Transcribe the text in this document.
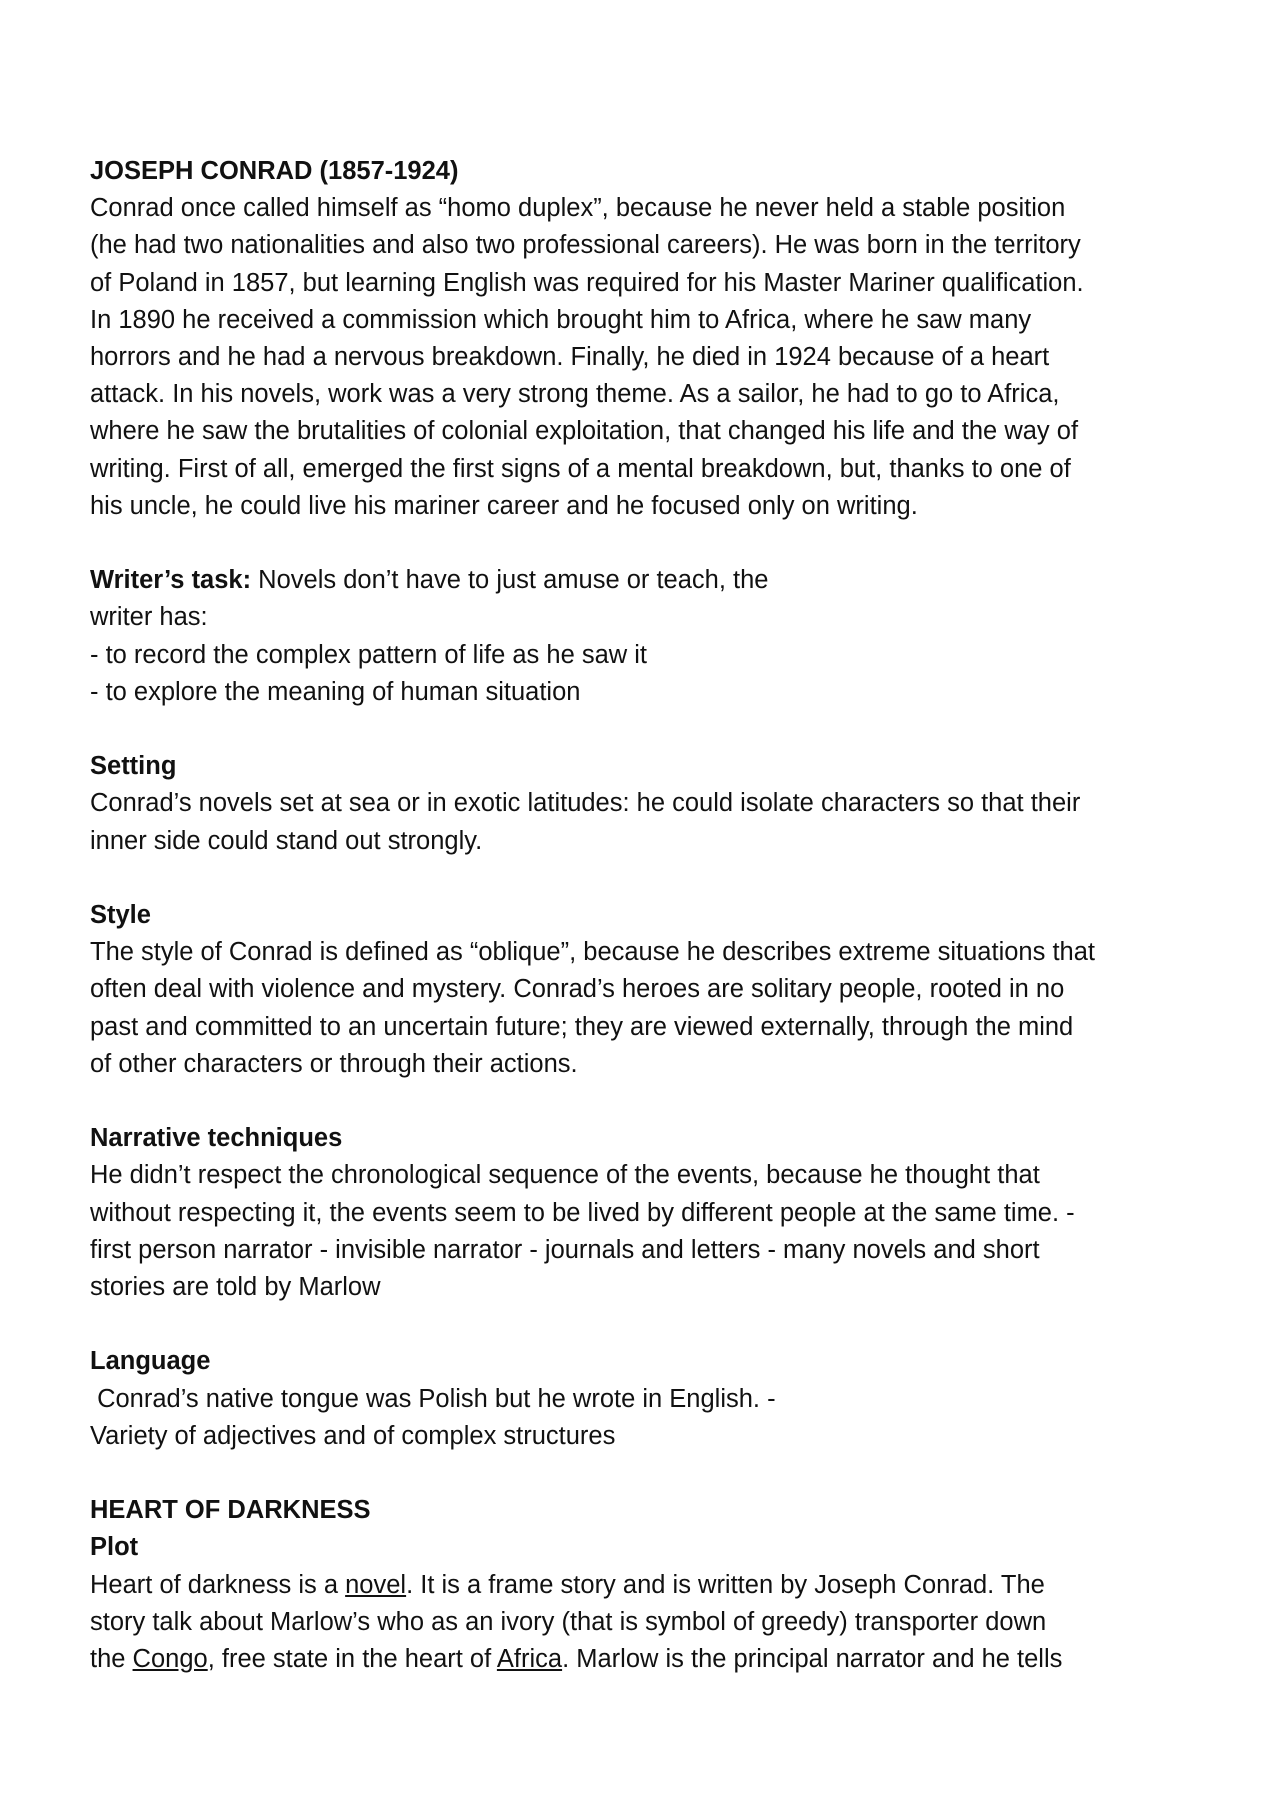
JOSEPH CONRAD (1857-1924)
Conrad once called himself as “homo duplex”, because he never held a stable position
(he had two nationalities and also two professional careers). He was born in the territory
of Poland in 1857, but learning English was required for his Master Mariner qualification.
In 1890 he received a commission which brought him to Africa, where he saw many
horrors and he had a nervous breakdown. Finally, he died in 1924 because of a heart
attack. In his novels, work was a very strong theme. As a sailor, he had to go to Africa,
where he saw the brutalities of colonial exploitation, that changed his life and the way of
writing. First of all, emerged the first signs of a mental breakdown, but, thanks to one of
his uncle, he could live his mariner career and he focused only on writing.
Writer’s task: Novels don’t have to just amuse or teach, the
writer has:
- to record the complex pattern of life as he saw it
- to explore the meaning of human situation
Setting
Conrad’s novels set at sea or in exotic latitudes: he could isolate characters so that their
inner side could stand out strongly.
Style
The style of Conrad is defined as “oblique”, because he describes extreme situations that
often deal with violence and mystery. Conrad’s heroes are solitary people, rooted in no
past and committed to an uncertain future; they are viewed externally, through the mind
of other characters or through their actions.
Narrative techniques
He didn’t respect the chronological sequence of the events, because he thought that
without respecting it, the events seem to be lived by different people at the same time. -
first person narrator - invisible narrator - journals and letters - many novels and short
stories are told by Marlow
Language
Conrad’s native tongue was Polish but he wrote in English. -
Variety of adjectives and of complex structures
HEART OF DARKNESS
Plot
Heart of darkness is a novel. It is a frame story and is written by Joseph Conrad. The
story talk about Marlow’s who as an ivory (that is symbol of greedy) transporter down
the Congo, free state in the heart of Africa. Marlow is the principal narrator and he tells
